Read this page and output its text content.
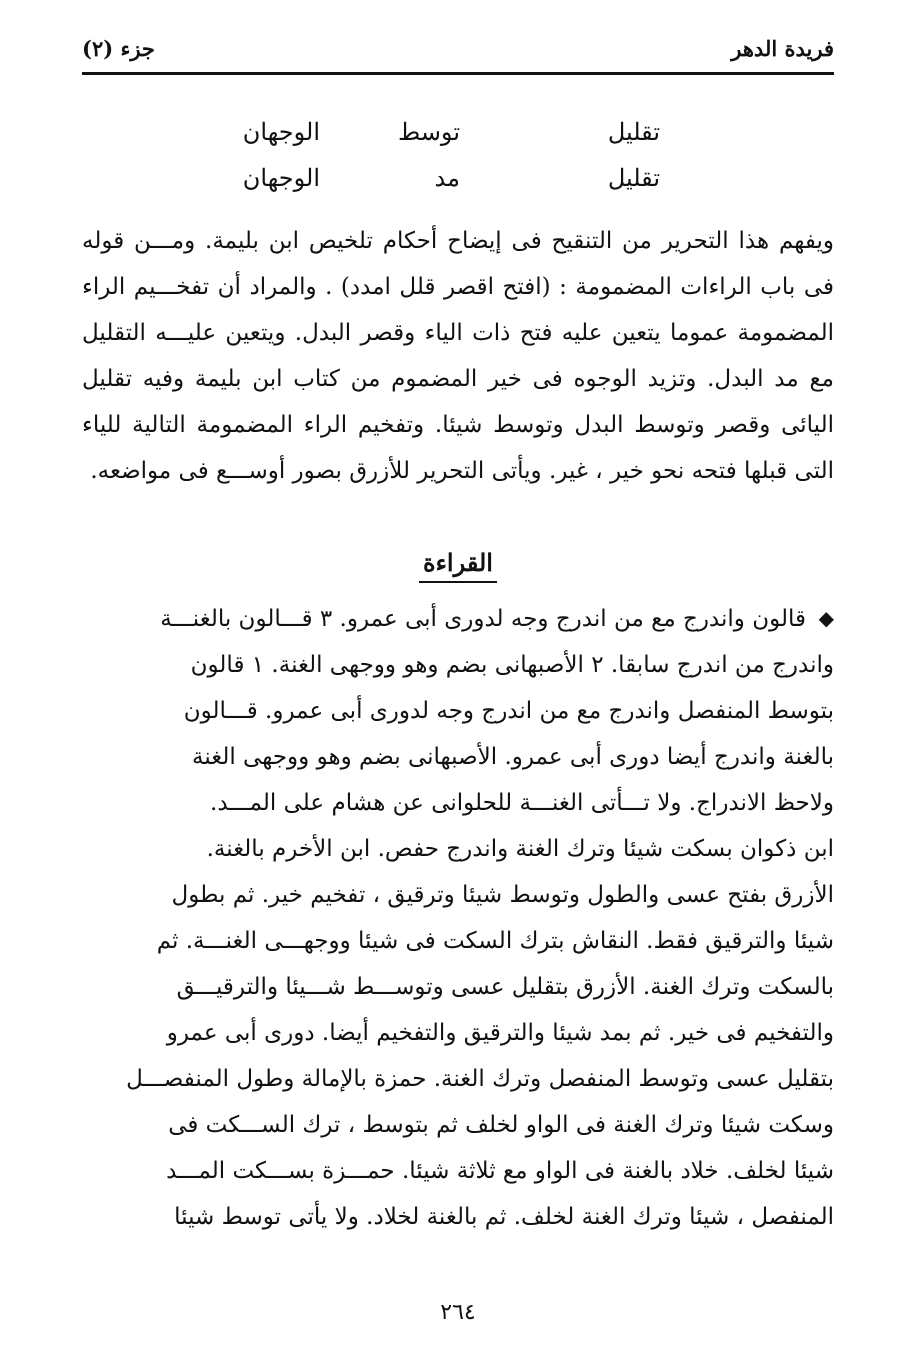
فريدة الدهر
جزء (٢)
تقليل
توسط
الوجهان
تقليل
مد
الوجهان
ويفهم هذا التحرير من التنقيح فى إيضاح أحكام تلخيص ابن بليمة. ومـــن قوله فى باب الراءات المضمومة : (افتح اقصر قلل امدد) . والمراد أن تفخـــيم الراء المضمومة عموما يتعين عليه فتح ذات الياء وقصر البدل. ويتعين عليـــه التقليل مع مد البدل. وتزيد الوجوه فى خير المضموم من كتاب ابن بليمة وفيه تقليل اليائى وقصر وتوسط البدل وتوسط شيئا. وتفخيم الراء المضمومة التالية للياء التى قبلها فتحه نحو خير ، غير. ويأتى التحرير للأزرق بصور أوســـع فى مواضعه.
القراءة
◆
قالون واندرج مع من اندرج وجه لدورى أبى عمرو. ٣ قـــالون بالغنـــة
واندرج من اندرج سابقا. ٢ الأصبهانى بضم وهو ووجهى الغنة. ١ قالون
بتوسط المنفصل واندرج مع من اندرج وجه لدورى أبى عمرو. قـــالون
بالغنة واندرج أيضا دورى أبى عمرو. الأصبهانى بضم وهو ووجهى الغنة
ولاحظ الاندراج. ولا تـــأتى الغنـــة للحلوانى عن هشام على المـــد.
ابن ذكوان بسكت شيئا وترك الغنة واندرج حفص. ابن الأخرم بالغنة.
الأزرق بفتح عسى والطول وتوسط شيئا وترقيق ، تفخيم خير. ثم بطول
شيئا والترقيق فقط. النقاش بترك السكت فى شيئا ووجهـــى الغنـــة. ثم
بالسكت وترك الغنة. الأزرق بتقليل عسى وتوســـط شـــيئا والترقيـــق
والتفخيم فى خير. ثم بمد شيئا والترقيق والتفخيم أيضا. دورى أبى عمرو
بتقليل عسى وتوسط المنفصل وترك الغنة. حمزة بالإمالة وطول المنفصـــل
وسكت شيئا وترك الغنة فى الواو لخلف ثم بتوسط ، ترك الســـكت فى
شيئا لخلف. خلاد بالغنة فى الواو مع ثلاثة شيئا. حمـــزة بســـكت المـــد
المنفصل ، شيئا وترك الغنة لخلف. ثم بالغنة لخلاد. ولا يأتى توسط شيئا
٢٦٤
